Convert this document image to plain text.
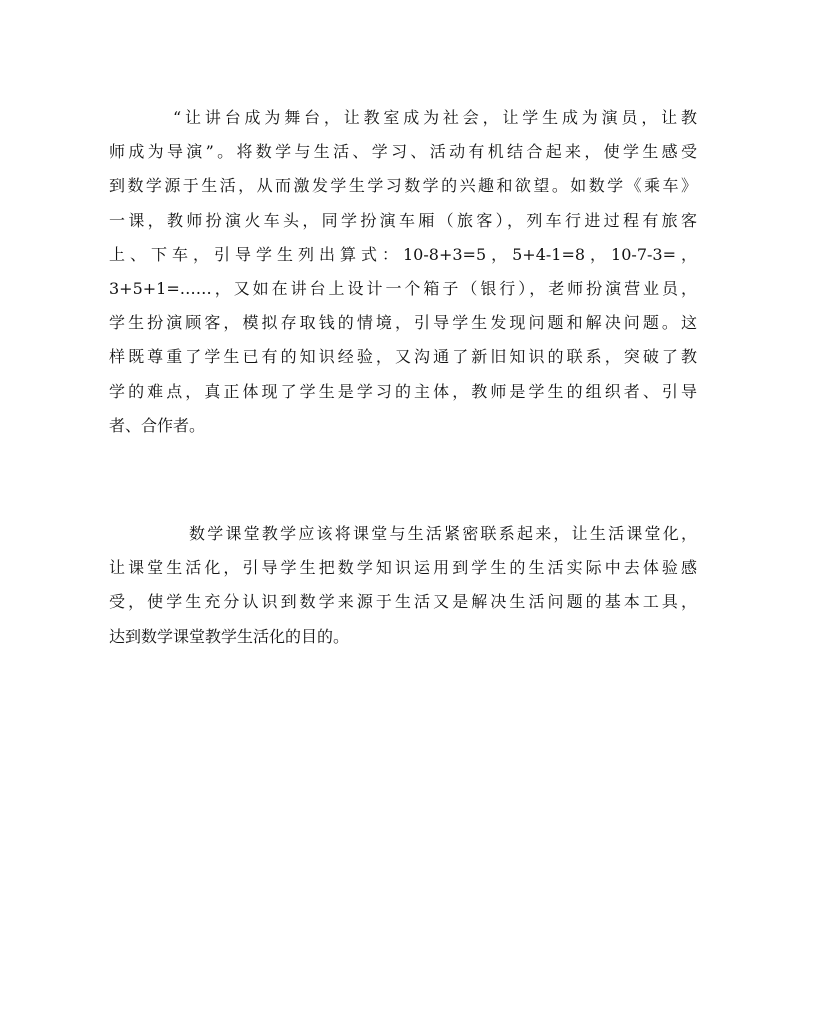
“让讲台成为舞台，让教室成为社会，让学生成为演员，让教
师成为导演”。将数学与生活、学习、活动有机结合起来，使学生感受
到数学源于生活，从而激发学生学习数学的兴趣和欲望。如数学《乘车》
一课，教师扮演火车头，同学扮演车厢（旅客），列车行进过程有旅客
上、下车，引导学生列出算式：10-8+3=5，5+4-1=8，10-7-3=，
3+5+1=……，又如在讲台上设计一个箱子（银行），老师扮演营业员，
学生扮演顾客，模拟存取钱的情境，引导学生发现问题和解决问题。这
样既尊重了学生已有的知识经验，又沟通了新旧知识的联系，突破了教
学的难点，真正体现了学生是学习的主体，教师是学生的组织者、引导
者、合作者。
数学课堂教学应该将课堂与生活紧密联系起来，让生活课堂化，
让课堂生活化，引导学生把数学知识运用到学生的生活实际中去体验感
受，使学生充分认识到数学来源于生活又是解决生活问题的基本工具，
达到数学课堂教学生活化的目的。
